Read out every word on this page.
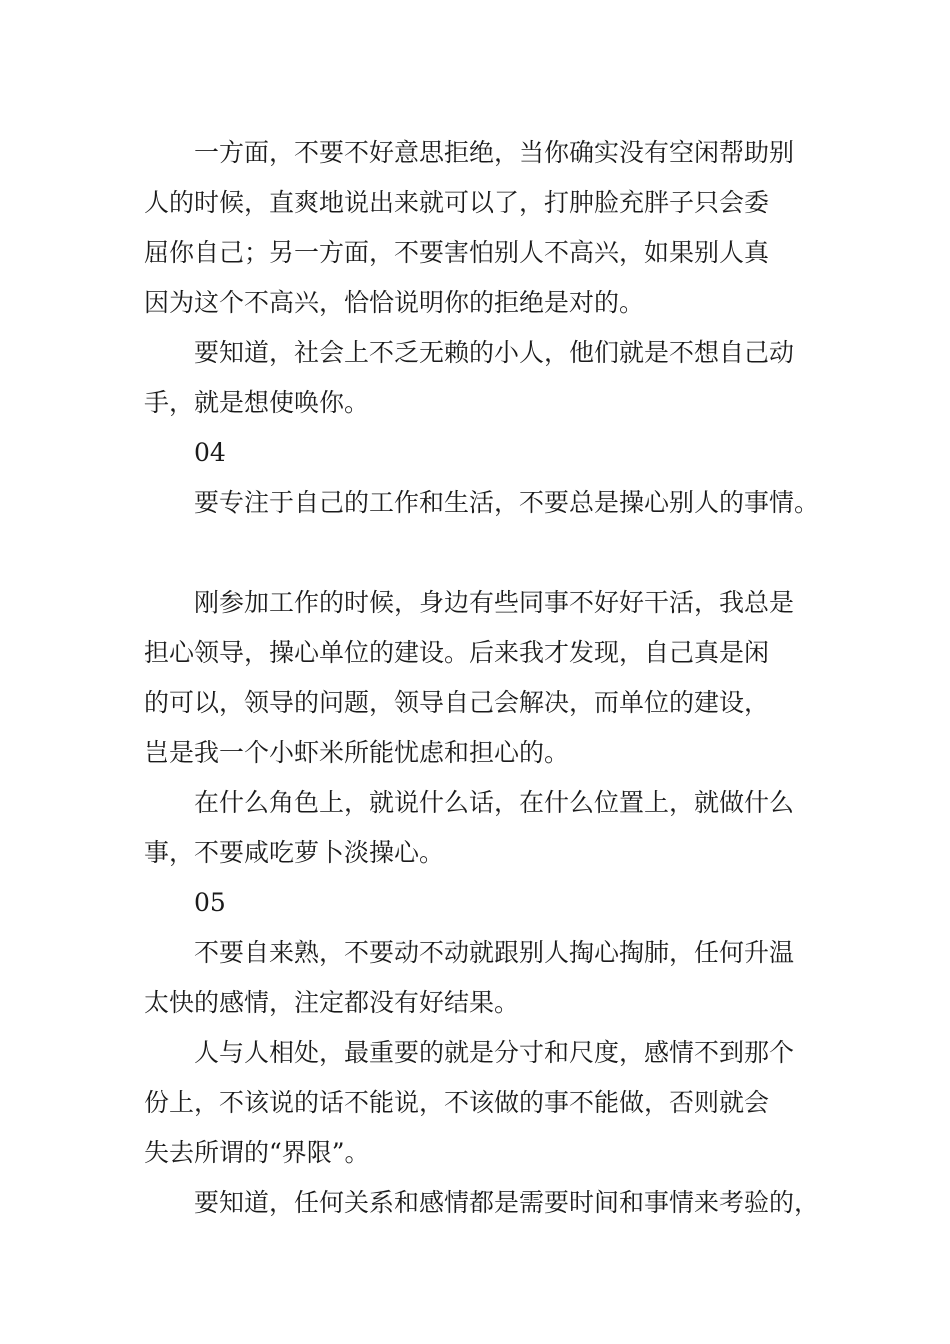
一方面，不要不好意思拒绝，当你确实没有空闲帮助别
人的时候，直爽地说出来就可以了，打肿脸充胖子只会委
屈你自己；另一方面，不要害怕别人不高兴，如果别人真
因为这个不高兴，恰恰说明你的拒绝是对的。

要知道，社会上不乏无赖的小人，他们就是不想自己动
手，就是想使唤你。

04

要专注于自己的工作和生活，不要总是操心别人的事情。

刚参加工作的时候，身边有些同事不好好干活，我总是
担心领导，操心单位的建设。后来我才发现，自己真是闲
的可以，领导的问题，领导自己会解决，而单位的建设，
岂是我一个小虾米所能忧虑和担心的。

在什么角色上，就说什么话，在什么位置上，就做什么
事，不要咸吃萝卜淡操心。

05

不要自来熟，不要动不动就跟别人掏心掏肺，任何升温
太快的感情，注定都没有好结果。

人与人相处，最重要的就是分寸和尺度，感情不到那个
份上，不该说的话不能说，不该做的事不能做，否则就会
失去所谓的“界限”。

要知道，任何关系和感情都是需要时间和事情来考验的，
